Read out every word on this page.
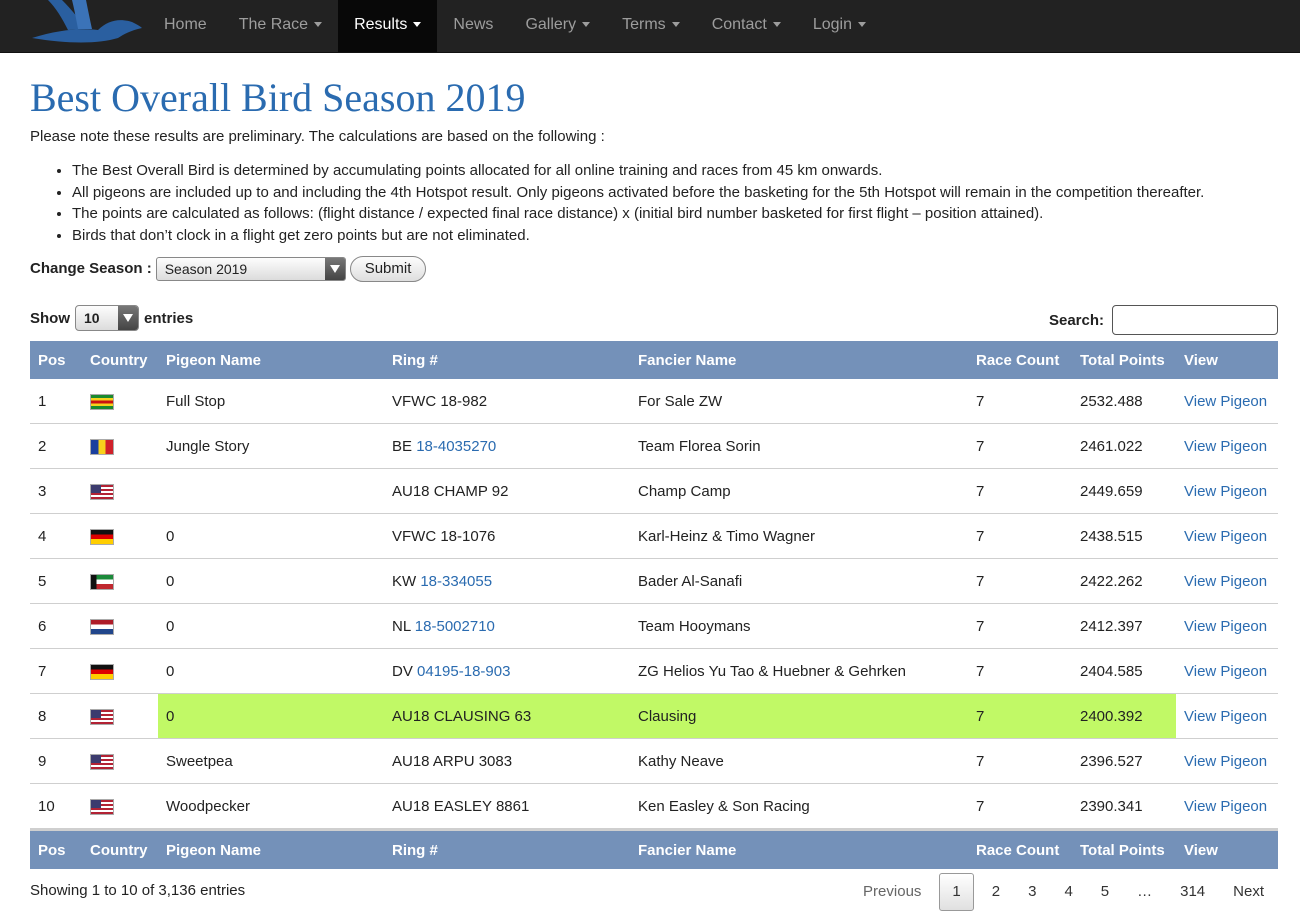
Home	The Race	Results	News	Gallery	Terms	Contact	Login
Best Overall Bird Season 2019

Please note these results are preliminary. The calculations are based on the following :

• The Best Overall Bird is determined by accumulating points allocated for all online training and races from 45 km onwards.
• All pigeons are included up to and including the 4th Hotspot result. Only pigeons activated before the basketing for the 5th Hotspot will remain in the competition thereafter.
• The points are calculated as follows: (flight distance / expected final race distance) x (initial bird number basketed for first flight – position attained).
• Birds that don’t clock in a flight get zero points but are not eliminated.
Change Season : Season 2019	Submit
Show	10	entries	Search:
Pos	Country	Pigeon Name	Ring #	Fancier Name	Race Count	Total Points	View
1		Full Stop	VFWC 18-982	For Sale ZW	7	2532.488	View Pigeon
2		Jungle Story	BE 18-4035270	Team Florea Sorin	7	2461.022	View Pigeon
3			AU18 CHAMP 92	Champ Camp	7	2449.659	View Pigeon
4		0	VFWC 18-1076	Karl-Heinz & Timo Wagner	7	2438.515	View Pigeon
5		0	KW 18-334055	Bader Al-Sanafi	7	2422.262	View Pigeon
6		0	NL 18-5002710	Team Hooymans	7	2412.397	View Pigeon
7		0	DV 04195-18-903	ZG Helios Yu Tao & Huebner & Gehrken	7	2404.585	View Pigeon
8		0	AU18 CLAUSING 63	Clausing	7	2400.392	View Pigeon
9		Sweetpea	AU18 ARPU 3083	Kathy Neave	7	2396.527	View Pigeon
10		Woodpecker	AU18 EASLEY 8861	Ken Easley & Son Racing	7	2390.341	View Pigeon
Pos	Country	Pigeon Name	Ring #	Fancier Name	Race Count	Total Points	View
Showing 1 to 10 of 3,136 entries	Previous	1	2	3	4	5	…	314	Next
